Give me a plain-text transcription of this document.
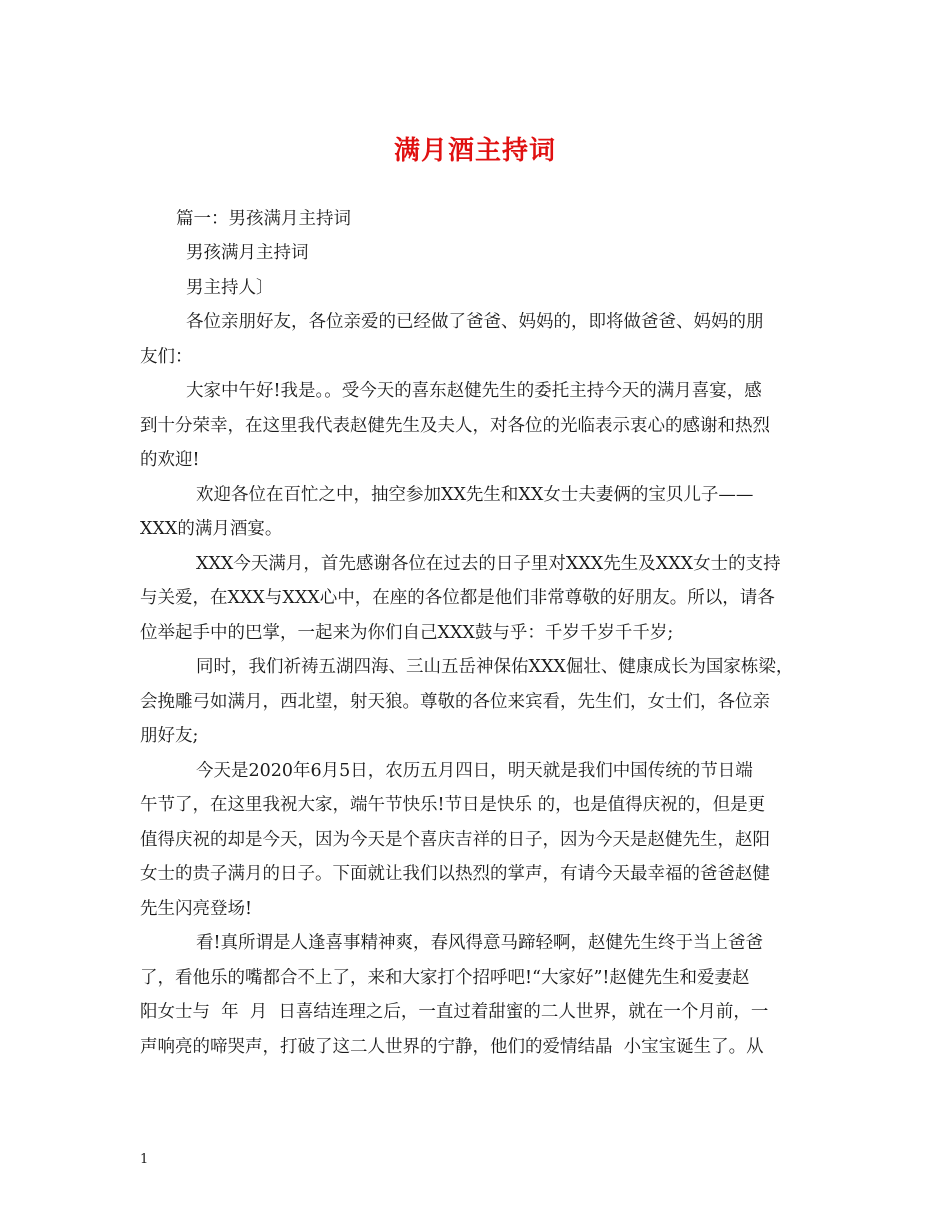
满月酒主持词
篇一：男孩满月主持词
男孩满月主持词
男主持人〕
各位亲朋好友，各位亲爱的已经做了爸爸、妈妈的，即将做爸爸、妈妈的朋
友们：
大家中午好!我是。。受今天的喜东赵健先生的委托主持今天的满月喜宴，感
到十分荣幸，在这里我代表赵健先生及夫人，对各位的光临表示衷心的感谢和热烈
的欢迎!
欢迎各位在百忙之中，抽空参加XX先生和XX女士夫妻俩的宝贝儿子——
XXX的满月酒宴。
XXX今天满月，首先感谢各位在过去的日子里对XXX先生及XXX女士的支持
与关爱，在XXX与XXX心中，在座的各位都是他们非常尊敬的好朋友。所以，请各
位举起手中的巴掌，一起来为你们自己XXX鼓与乎：千岁千岁千千岁;
同时，我们祈祷五湖四海、三山五岳神保佑XXX倔壮、健康成长为国家栋梁，
会挽雕弓如满月，西北望，射天狼。尊敬的各位来宾看，先生们，女士们，各位亲
朋好友;
今天是2020年6月5日，农历五月四日，明天就是我们中国传统的节日端
午节了，在这里我祝大家，端午节快乐!节日是快乐 的，也是值得庆祝的，但是更
值得庆祝的却是今天，因为今天是个喜庆吉祥的日子，因为今天是赵健先生，赵阳
女士的贵子满月的日子。下面就让我们以热烈的掌声，有请今天最幸福的爸爸赵健
先生闪亮登场!
看!真所谓是人逢喜事精神爽，春风得意马蹄轻啊，赵健先生终于当上爸爸
了，看他乐的嘴都合不上了，来和大家打个招呼吧!“大家好”!赵健先生和爱妻赵
阳女士与  年  月  日喜结连理之后，一直过着甜蜜的二人世界，就在一个月前，一
声响亮的啼哭声，打破了这二人世界的宁静，他们的爱情结晶  小宝宝诞生了。从
1
